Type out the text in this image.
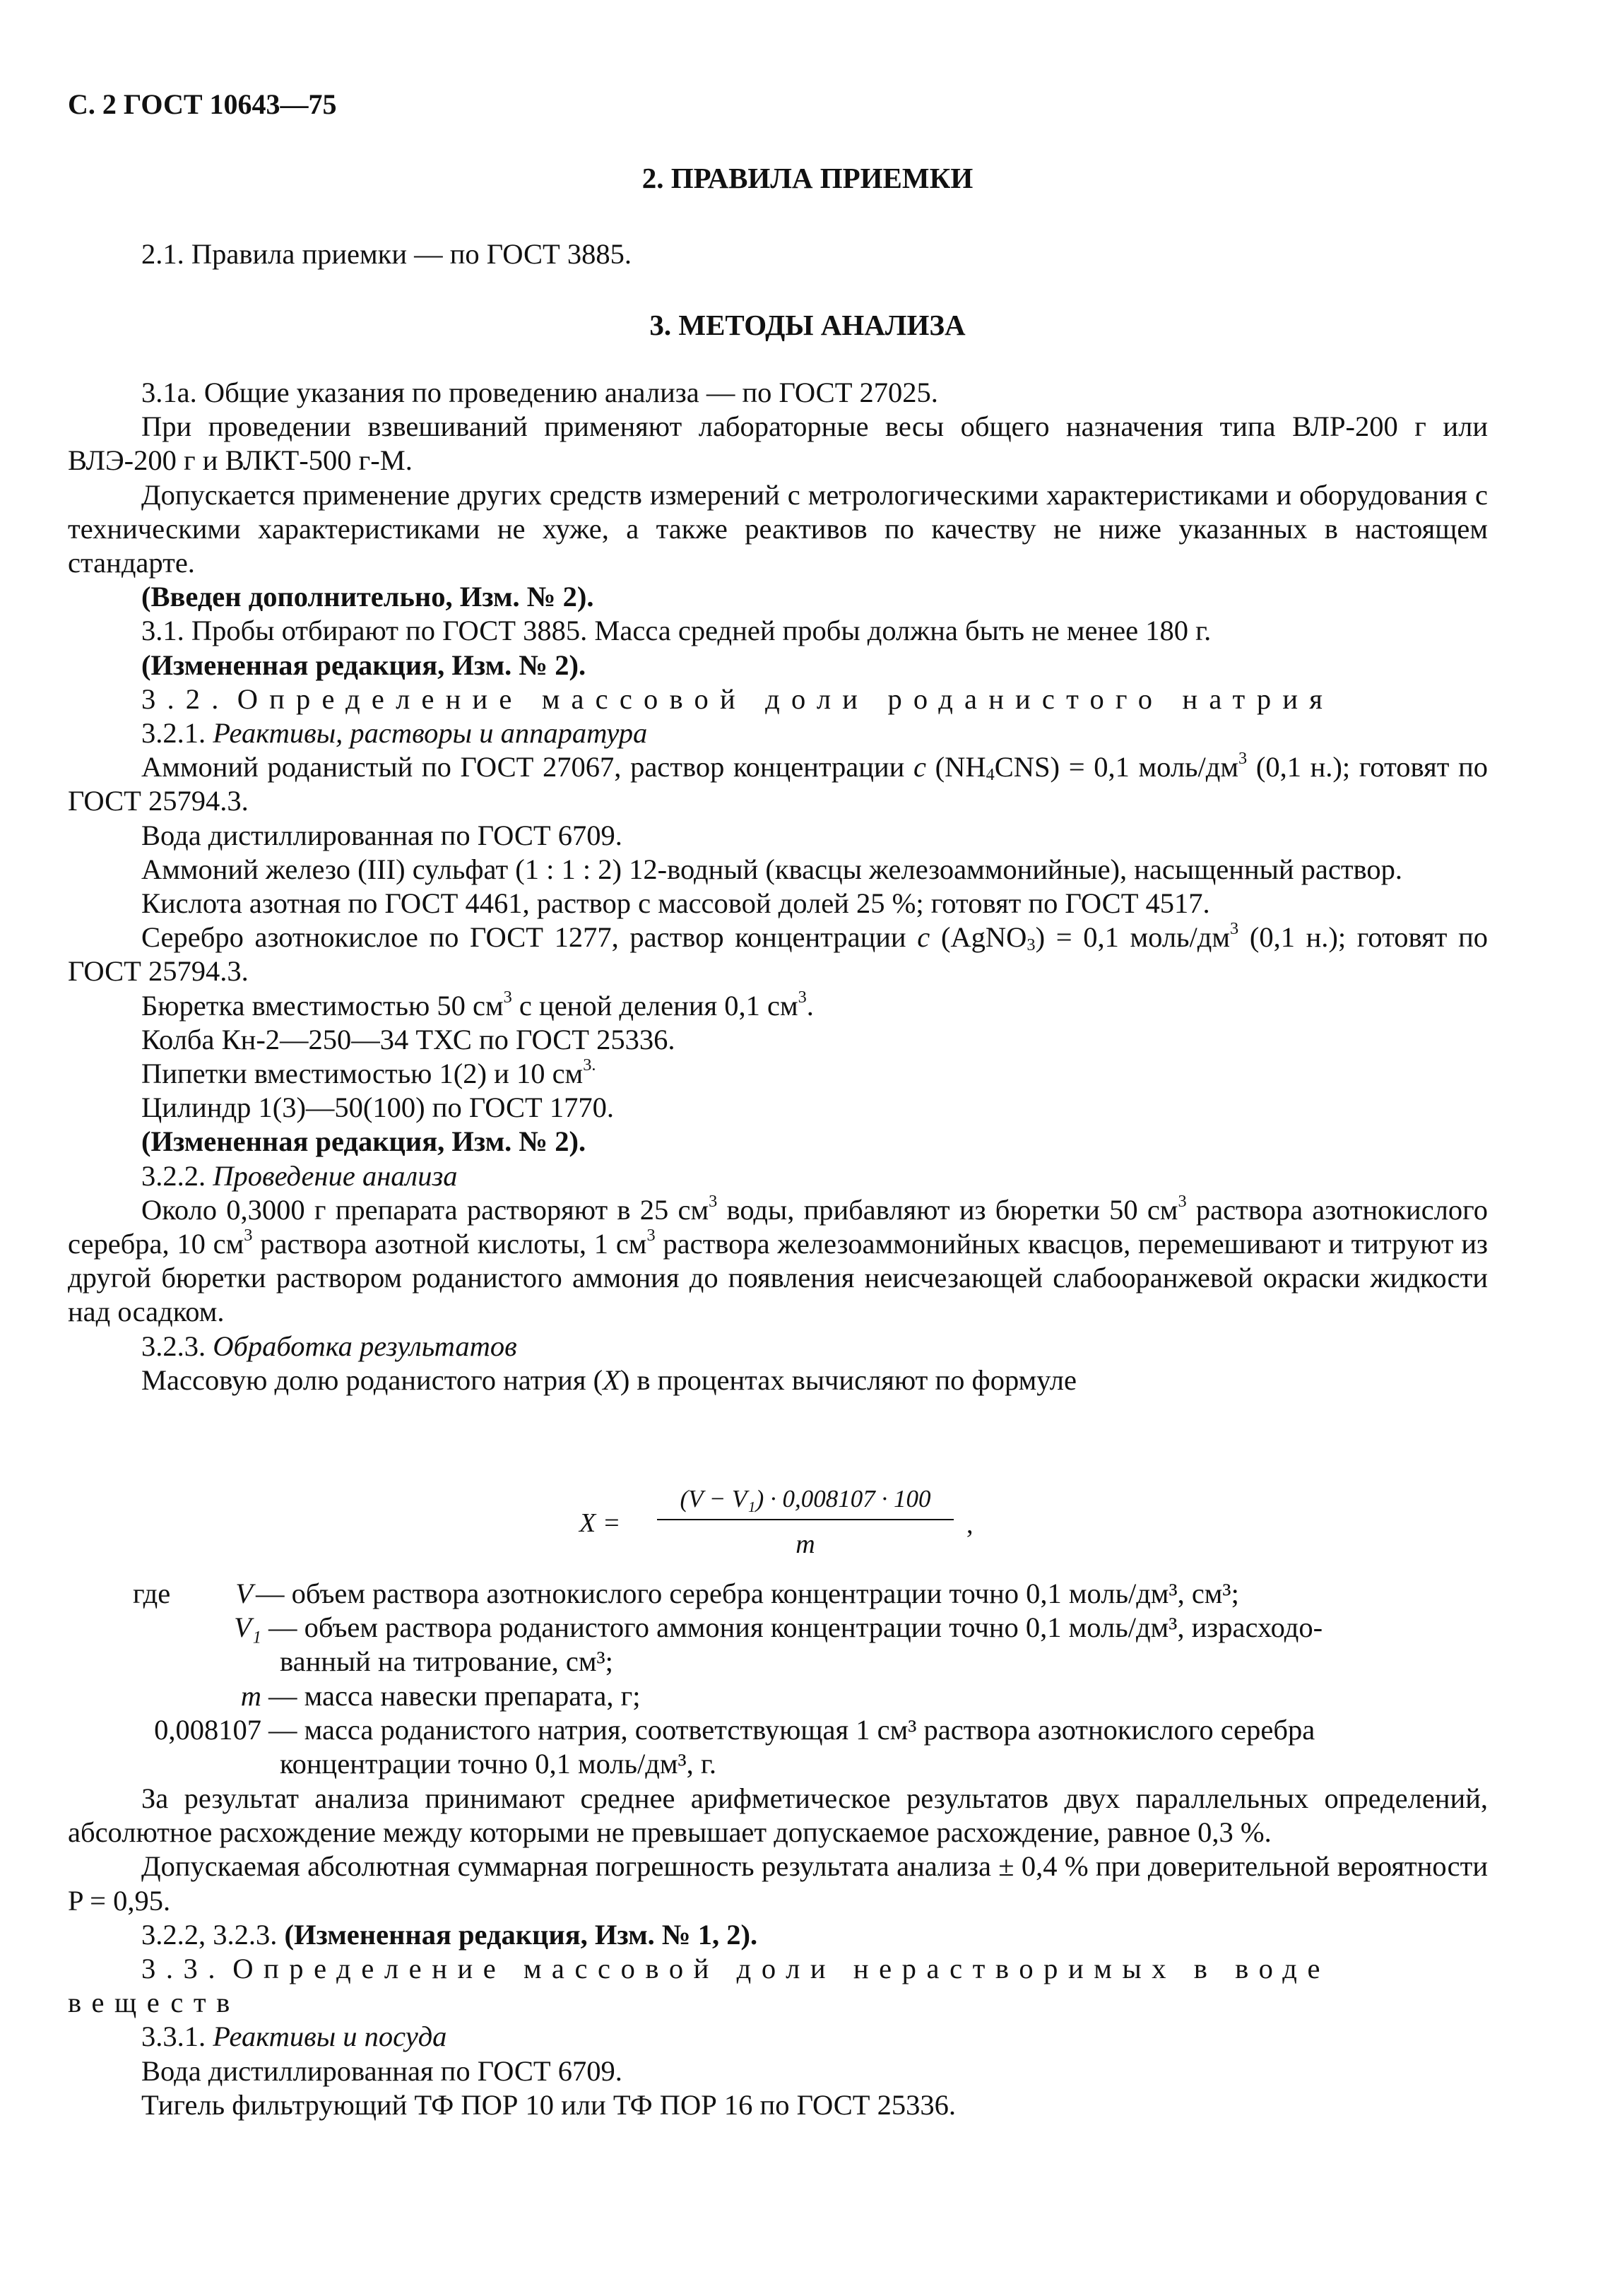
С. 2 ГОСТ 10643—75
2. ПРАВИЛА ПРИЕМКИ
2.1. Правила приемки — по ГОСТ 3885.
3. МЕТОДЫ АНАЛИЗА

3.1а. Общие указания по проведению анализа — по ГОСТ 27025.

При проведении взвешиваний применяют лабораторные весы общего назначения типа ВЛР-200 г или ВЛЭ-200 г и ВЛКТ-500 г-М.

Допускается применение других средств измерений с метрологическими характеристиками и оборудования с техническими характеристиками не хуже, а также реактивов по качеству не ниже указанных в настоящем стандарте.

(Введен дополнительно, Изм. № 2).

3.1. Пробы отбирают по ГОСТ 3885. Масса средней пробы должна быть не менее 180 г.

(Измененная редакция, Изм. № 2).

3.2. Определение массовой доли роданистого натрия

3.2.1. Реактивы, растворы и аппаратура

Аммоний роданистый по ГОСТ 27067, раствор концентрации c $(NH_4CNS) = 0,1$ моль/$дм^3$ (0,1 н.); готовят по ГОСТ 25794.3.

Вода дистиллированная по ГОСТ 6709.

Аммоний железо (III) сульфат (1 : 1 : 2) 12-водный (квасцы железоаммонийные), насыщенный раствор.

Кислота азотная по ГОСТ 4461, раствор с массовой долей 25 %; готовят по ГОСТ 4517.

Серебро азотнокислое по ГОСТ 1277, раствор концентрации c (AgNO$_3$) = 0,1 моль/$дм^3$ (0,1 н.); готовят по ГОСТ 25794.3.

Бюретка вместимостью 50 $см^3$ с ценой деления 0,1 $см^3$.

Колба Кн-2—250—34 ТХС по ГОСТ 25336.

Пипетки вместимостью 1(2) и 10 $см^{3.}$

Цилиндр 1(3)—50(100) по ГОСТ 1770.

(Измененная редакция, Изм. № 2).

3.2.2. Проведение анализа

Около 0,3000 г препарата растворяют в 25 $см^3$ воды, прибавляют из бюретки 50 $см^3$ раствора азотнокислого серебра, 10 $см^3$ раствора азотной кислоты, 1 $см^3$ раствора железоаммонийных квасцов, перемешивают и титруют из другой бюретки раствором роданистого аммония до появления неисчезающей слабооранжевой окраски жидкости над осадком.

3.2.3. Обработка результатов

Массовую долю роданистого натрия (X) в процентах вычисляют по формуле

$X = \frac{\text{(V − V₁) · 0,008107 · 100}}{m}$ ,
где V — объем раствора азотнокислого серебра концентрации точно 0,1 моль/дм³, см³;
V₁ — объем раствора роданистого аммония концентрации точно 0,1 моль/дм³, израсходо-
ванный на титрование, см³;
m — масса навески препарата, г;
0,008107 — масса роданистого натрия, соответствующая 1 см³ раствора азотнокислого серебра
концентрации точно 0,1 моль/дм³, г.

За результат анализа принимают среднее арифметическое результатов двух параллельных определений, абсолютное расхождение между которыми не превышает допускаемое расхождение, равное 0,3 %.

Допускаемая абсолютная суммарная погрешность результата анализа ± 0,4 % при доверительной вероятности P = 0,95.

3.2.2, 3.2.3. (Измененная редакция, Изм. № 1, 2).

3.3. Определение массовой доли нерастворимых в воде веществ

3.3.1. Реактивы и посуда

Вода дистиллированная по ГОСТ 6709.

Тигель фильтрующий ТФ ПОР 10 или ТФ ПОР 16 по ГОСТ 25336.
